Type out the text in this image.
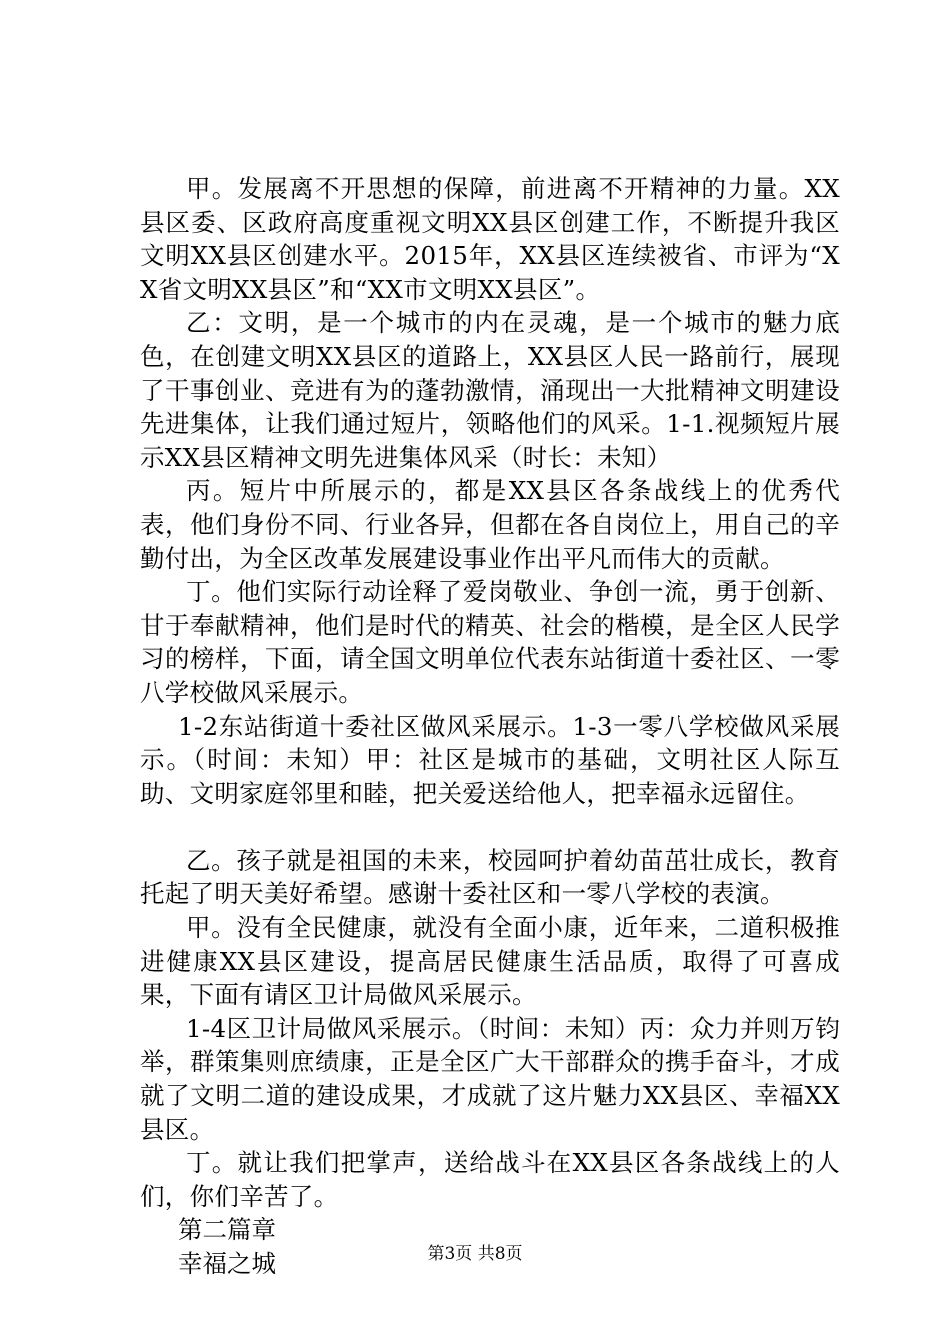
甲。发展离不开思想的保障，前进离不开精神的力量。XX县区委、区政府高度重视文明XX县区创建工作，不断提升我区文明XX县区创建水平。2015年，XX县区连续被省、市评为“XX省文明XX县区”和“XX市文明XX县区”。

乙：文明，是一个城市的内在灵魂，是一个城市的魅力底色，在创建文明XX县区的道路上，XX县区人民一路前行，展现了干事创业、竞进有为的蓬勃激情，涌现出一大批精神文明建设先进集体，让我们通过短片，领略他们的风采。1-1.视频短片展示XX县区精神文明先进集体风采（时长：未知）

丙。短片中所展示的，都是XX县区各条战线上的优秀代表，他们身份不同、行业各异，但都在各自岗位上，用自己的辛勤付出，为全区改革发展建设事业作出平凡而伟大的贡献。

丁。他们实际行动诠释了爱岗敬业、争创一流，勇于创新、甘于奉献精神，他们是时代的精英、社会的楷模，是全区人民学习的榜样，下面，请全国文明单位代表东站街道十委社区、一零八学校做风采展示。

1-2东站街道十委社区做风采展示。1-3一零八学校做风采展示。（时间：未知）甲：社区是城市的基础，文明社区人际互助、文明家庭邻里和睦，把关爱送给他人，把幸福永远留住。

乙。孩子就是祖国的未来，校园呵护着幼苗茁壮成长，教育托起了明天美好希望。感谢十委社区和一零八学校的表演。

甲。没有全民健康，就没有全面小康，近年来，二道积极推进健康XX县区建设，提高居民健康生活品质，取得了可喜成果，下面有请区卫计局做风采展示。

1-4区卫计局做风采展示。（时间：未知）丙：众力并则万钧举，群策集则庶绩康，正是全区广大干部群众的携手奋斗，才成就了文明二道的建设成果，才成就了这片魅力XX县区、幸福XX县区。

丁。就让我们把掌声，送给战斗在XX县区各条战线上的人们，你们辛苦了。

第二篇章

幸福之城	第3页 共8页
